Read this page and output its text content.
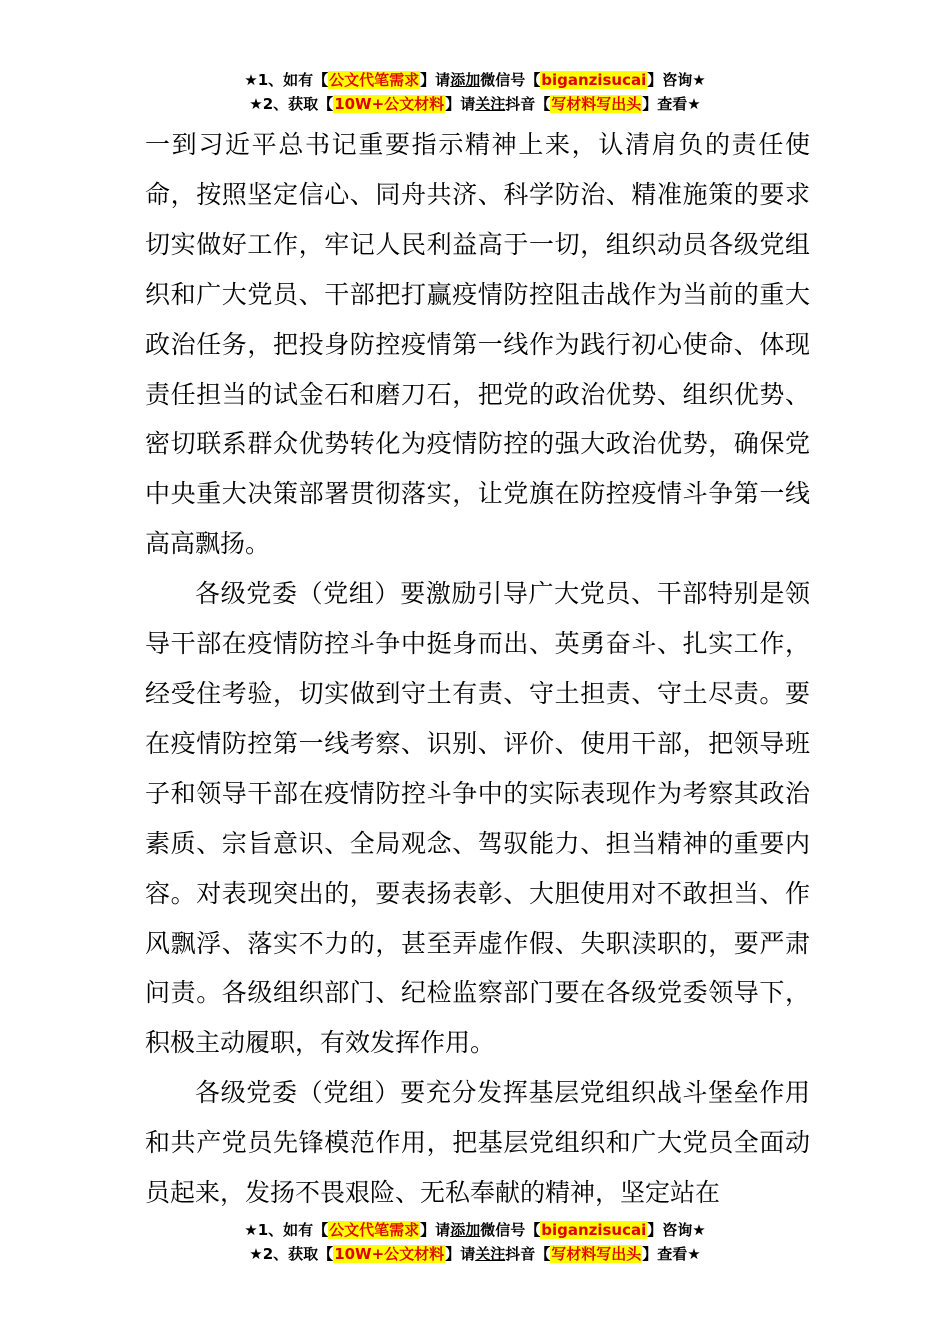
★1、如有【公文代笔需求】请添加微信号【biganzisucai】咨询★
★2、获取【10W+公文材料】请关注抖音【写材料写出头】查看★

一到习近平总书记重要指示精神上来，认清肩负的责任使命，按照坚定信心、同舟共济、科学防治、精准施策的要求切实做好工作，牢记人民利益高于一切，组织动员各级党组织和广大党员、干部把打赢疫情防控阻击战作为当前的重大政治任务，把投身防控疫情第一线作为践行初心使命、体现责任担当的试金石和磨刀石，把党的政治优势、组织优势、密切联系群众优势转化为疫情防控的强大政治优势，确保党中央重大决策部署贯彻落实，让党旗在防控疫情斗争第一线高高飘扬。

各级党委（党组）要激励引导广大党员、干部特别是领导干部在疫情防控斗争中挺身而出、英勇奋斗、扎实工作，经受住考验，切实做到守土有责、守土担责、守土尽责。要在疫情防控第一线考察、识别、评价、使用干部，把领导班子和领导干部在疫情防控斗争中的实际表现作为考察其政治素质、宗旨意识、全局观念、驾驭能力、担当精神的重要内容。对表现突出的，要表扬表彰、大胆使用对不敢担当、作风飘浮、落实不力的，甚至弄虚作假、失职渎职的，要严肃问责。各级组织部门、纪检监察部门要在各级党委领导下，积极主动履职，有效发挥作用。

各级党委（党组）要充分发挥基层党组织战斗堡垒作用和共产党员先锋模范作用，把基层党组织和广大党员全面动员起来，发扬不畏艰险、无私奉献的精神，坚定站在

★1、如有【公文代笔需求】请添加微信号【biganzisucai】咨询★
★2、获取【10W+公文材料】请关注抖音【写材料写出头】查看★
